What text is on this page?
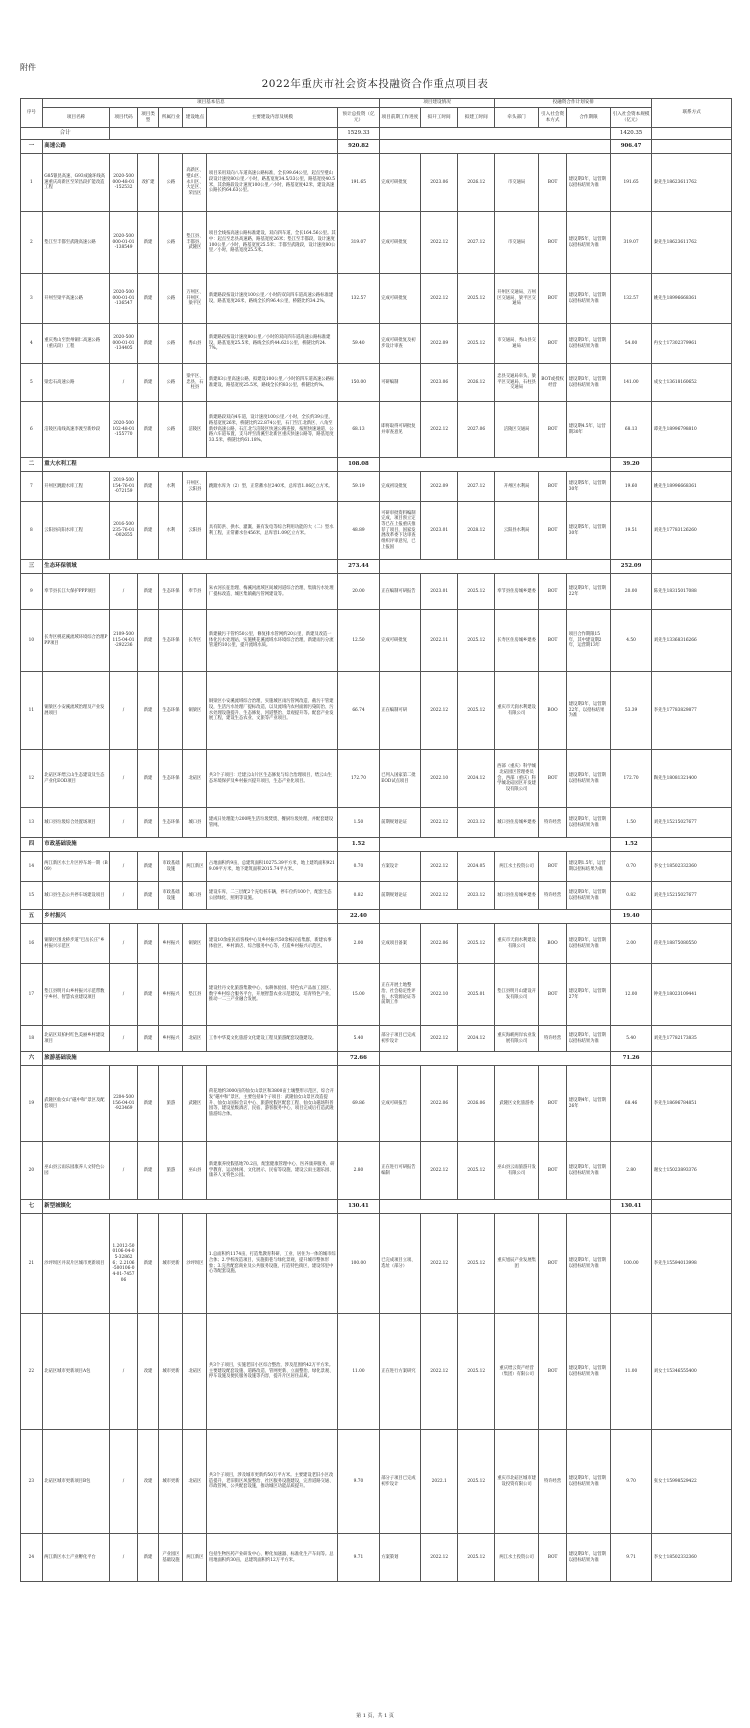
附件
2022年重庆市社会资本投融资合作重点项目表
序号	项目基本信息							项目建设情况			投融资合作计划安排				联系方式
	项目名称	项目代码	项目类型	所属行业	建设地点	主要建设内容及规模	预计总投资（亿元）	项目前期工作进度	拟开工时间	拟建工时间	牵头部门	引入社会资本方式	合作期限	引入社会资本规模（亿元）	
合计							1529.33							1420.35	
一	高速公路						920.82							906.47	
1	G85银昆高速、G93成渝环线高速重庆高新区至荣昌段扩能改造工程	2020-500000-48-01-152532	改扩建	公路	高新区、璧山区、永川区、大足区、荣昌区	项目采用双向八车道高速公路标准，全长99.64公里，起点至璧山段设计速度80公里／小时，路基宽度34.5/33公里，路基宽度40.5米，其余路段设计速度100公里／小时，路基宽度42米，建设高速公路长约64.63公里。	191.65	完成可研批复	2023.06	2026.12	市交通局	BOT	建设期3年，运营期以招标结果为准	191.65	秦先生18623611762
2	垫江至丰都至武隆高速公路	2020-500000-01-01-138549	新建	公路	垫江县、丰都县、武隆区	项目全线按高速公路标准建设，双向四车道，全长164.56公里。其中：起点至忠县高速路，路基宽度26米；垫江至丰都段，设计速度100公里／小时，路基宽度25.5米；丰都至武隆段，设计速度80公里／小时，路基宽度25.5米。	319.07	完成可研批复	2022.12	2027.12	市交通局	BOT	建设期5年，运营期以招标结果为准	319.07	秦先生18623611762
3	开州至梁平高速公路	2020-500000-01-01-136547	新建	公路	万州区、开州区、梁平区	新建路段按设计速度100公里／小时的双向四车道高速公路标准建设，路基宽度26米，路线全长约96.4公里，桥隧比约34.2%。	132.57	完成可研批复	2022.12	2025.12	开州区交通局、万州区交通局、梁平区交通局	BOT	建设期3年，运营期以招标结果为准	132.57	姚先生18996668361
4	重庆秀山至贵州铜仁高速公路（重庆段）工程	2020-500000-01-01-134405	新建	公路	秀山县	新建路段按设计速度80公里／小时的双向四车道高速公路标准建设，路基宽度25.5米，路线全长约44.621公里，桥隧比约24.7%。	59.40	完成可研批复及初步设计审查	2022.09	2025.12	市交通局、秀山县交通局	BOT	建设期3年，运营期以招标结果为准	54.00	冉女士17302379961
5	梁忠石高速公路	/	新建	公路	梁平区、忠县、石柱县	新建83公里高速公路，拟建设100公里／小时的四车道高速公路标准建设，路基宽度25.5米，路线全长约83公里，桥隧比约%。	150.00	可研编制	2023.06	2026.12	忠县交通局牵头，梁平区交通局、石柱县交通局	BOT或授权经营	建设期3年，运营期以招标结果为准	141.00	成女士13618160652
6	涪陵区南线高速李渡至新妙段	2020-500102-48-01-155770	新建	公路	涪陵区	新建路段双向4车道，设计速度100公里／小时，全长约39公里，路基宽度26米，桥隧比约22.874公里，石门至江北新区、八角至新妙高速公路，石江北与涪陵区快速公路连接，按照快速通道、公路六车道布置，支马坪至清溪至北新区重庆快速公路等，路基宽度33.5米，桥隧比约61.18%。	68.13	即将取得可研批复并审查意见	2022.12	2027.06	涪陵区交通局	BOT	建设期4.5年，运营期30年	68.13	谭先生18996798810
二	重大水利工程						108.08							39.20	
7	开州区跳蹬水库工程	2019-500154-76-01-072159	新建	水利	开州区、云阳县	跳蹬水库为（2）型，正常蓄水位240米，总库容1.06亿立方米。	59.19	完成初设批复	2022.09	2027.12	开州区水利局	BOT	建设期5年，运营期30年	19.60	姚先生18996668361
8	云阳县向阳水库工程	2016-500235-76-01-002655	新建	水利	云阳县	具有防洪、供水、灌溉、兼有发电等综合利用功能的大（二）型水利工程，正常蓄水位456米，总库容1.09亿立方米。	48.89	可研审批资料编制完成，项目预立定等已在上报重庆推荐了项目，国家发展改革委下达审查组织评审意见，已上报国	2023.01	2028.12	云阳县水利局	BOT	建设期5年，运营期30年	19.51	刘先生17783126260
三	生态环保领域						273.44							252.09	
9	奉节县长江大保护PPP项目	/	新建	生态环保	奉节县	朱衣河长征治理、梅溪河流域区间城河道综合治理、集镇污水处理厂提标改造、城区集镇截污管网建设等。	20.00	正在编制可研报告	2023.01	2025.12	奉节县住房城乡建委	BOT	建设期3年，运营期22年	20.00	陈先生18315017088
10	长寿区桃花溪流域环境综合治理PPP项目	2109-500115-04-01-292236	新建	生态环保	长寿区	新建截污干管约50公里，修复排水管网约20公里，新建及改造一体化污水处理站，实施桃花溪流域水环境综合治理，新建雨污分流管道约10公里，提升流域水质。	12.50	完成可研批复	2022.11	2025.12	长寿区住房城乡建委	BOT	项目合作期限15年，其中建设期2年，运营期13年	4.50	刘先生13368316266
11	铜梁区小安溪流域治理及产业发展项目	/	新建	生态环保	铜梁区	铜梁区小安溪流域综合治理，实施城区雨污管网改造、截污干管建设，生活污水处理厂提标改造，以及流域内农村面源污染防治、污水处理设施提升、生态修复、河道整治、景观提升等。配套产业发展工程，建设生态农业、文旅等产业项目。	66.74	正在编制可研	2022.12	2025.12	重庆市天润水利建设有限公司	BOO	建设期3年，运营期22年，以招标结果为准	53.39	李先生17783829877
12	北碚区环缙云山生态建设及生态产业化EOD项目	/	新建	生态环保	北碚区	共3个子项目：迁建云山片区生态修复与综合治理项目，缙云山生态环境保护及乡村振兴提升项目，生态产业化项目。	172.70	已列入国家第二批EOD试点项目	2022.10	2024.12	西部（重庆）科学城北碚园区管理委员会，西部（重庆）科学城北碚园区开发建设有限公司	BOT	建设期3年，运营期以招标结果为准	172.70	陶先生18081321400
13	城口县垃圾综合处置场项目	/	新建	生态环保	城口县	建成日处理能力200吨生活垃圾焚烧、餐厨垃圾处理，并配套建设管网。	1.50	前期规划论证	2022.12	2023.12	城口县住房城乡建委	特许经营	建设期3年，运营期以招标结果为准	1.50	刘先生15215027677
四	市政基础设施						1.52							1.52	
14	两江新区水土片区停车场一期（B09）	/	新建	市政基础设施	两江新区	占地面积约9亩，总建筑面积10275.39平方米，地上建筑面积9219.09平方米，地下建筑面积2015.74平方米。	0.70	方案设计	2022.12	2024.05	两江水土投资公司	BOT	建设期1.5年，运营期以招标结果为准	0.70	李女士18502332360
15	城口县生态公共停车场建设项目	/	新建	市政基础设施	城口县	建设车库，二三层配2个充电桩车辆，停车位约100个，配套生态公园绿化、照明等设施。	0.82	前期规划论证	2022.12	2023.12	城口县住房城乡建委	特许经营	建设期3年，运营期以招标结果为准	0.82	刘先生15215027677
五	乡村振兴						22.40							19.40	
16	铜梁区围龙桥步道“巴岳长庄”乡村振兴示范区	/	新建	乡村振兴	铜梁区	建设10余座民宿客栈中心及乡村振兴50余栋民宿集群，新建农事体验区、乡村酒店、综合服务中心等，打造乡村振兴示范区。	2.00	完成项目备案	2022.06	2025.12	重庆市天润水利建设有限公司	BOO	建设期3年，运营期以招标结果为准	2.00	蒋先生18875080550
17	垫江县明月山乡村振兴示范带数字乡村、智慧农业建设项目	/	新建	乡村振兴	垫江县	建设牡丹文化旅游集散中心、农耕体验园、特色农产品加工园区、数字乡村综合服务平台，开展智慧农业示范建设，培育特色产业，推动一二三产业融合发展。	15.00	正在开展土地整治、社会稳定性评估、水资源论证等前期工作	2022.10	2025.01	垫江县明月山建设开发有限公司	BOT	建设期3年，运营期27年	12.00	钟先生18023109441
18	北碚区双柏村红色美丽乡村建设项目	/	新建	乡村振兴	北碚区	工作中华夏文化旅游文化建设工程及旅游配套设施建设。	5.40	部分子项目已完成初步设计	2022.12	2024.12	重庆海峡两岸农业发展有限公司	特许经营	建设期3年，运营期以招标结果为准	5.40	刘先生17782173835
六	旅游基础设施						72.66							71.26	
19	武隆区仙女山“磁中和”景区及配套项目	2204-500156-04-01-923469	新建	旅游	武隆区	荷花地约3000亩的仙女山景区和3800亩土壤整形示范区，综合开发“磁中和”景区，主要包括8个子项目：武隆仙女山景区改造提升、仙女山国际会议中心、旅游度假区配套工程、仙女山磁场科普园等，建设星级酒店、民宿、游客服务中心，项目完成后打造武隆旅游综合体。	69.86	完成可研报告	2022.06	2026.06	武隆区文化旅游委	BOT	建设期4年，运营期26年	68.46	李先生18696784851
20	巫山县云雨乐园康养人文特色公园	/	新建	旅游	巫山县	新建康养度假基地70.2亩，配套健康管理中心、医养康养服务、研学教育、运动休闲、文化展示、民宿等设施，建设云雨主题乐园、康养人文特色公园。	2.80	正在进行可研报告编制	2022.12	2025.12	巫山县云雨旅游开发有限公司	BOT	建设期3年，运营期以招标结果为准	2.80	谢女士15023893376
七	新型城镇化						130.41							130.41	
21	沙坪坝区井双片区城市更新项目	1.2012-500106-04-05-328626；2.2106-500106-04-01-745706	新建	城市更新	沙坪坝区	1.总面积约1174亩，打造集教育科研、工业、居住为一体的城市综合体；2.学校改造项目，实施街巷与绿化景观，提升城市整体形象；3.完善配套商业及公共服务设施，打造特色街区，建设邻里中心等配套设施。	100.00	已完成项目立项、选址（部分）	2022.12	2025.12	重庆旭辰产业发展集团	BOT	建设期3年，运营期以招标结果为准	100.00	李先生15594013998
22	北碚区城市更新项目A包	/	改建	城市更新	北碚区	共3个子项目，实施老旧小区综合整治，涉及范围约42万平方米。主要建设配套设施、道路改造、管网更新、立面整治、绿化景观、停车设施及便民服务设施等内容，提升片区居住品质。	11.00	正在进行方案研究	2022.12	2025.12	重庆缙云资产经营（集团）有限公司	BOT	建设期3年，运营期以招标结果为准	11.00	刘女士15346555400
23	北碚区城市更新项目B包	/	改建	城市更新	北碚区	共3个子项目，涉及城市更新约50万平方米。主要建设老旧小区改造提升、老旧街区风貌整治、社区服务设施建设，完善道路交通、市政管网、公共配套设施，推动城区功能品质提升。	9.70	部分子项目已完成初步设计	2022.1	2025.12	重庆市北碚区城市建设投资有限公司	特许经营	建设期3年，运营期以招标结果为准	9.70	张女士15998529422
24	两江新区水土产业孵化平台	/	新建	产业园区基础设施	两江新区	包括生物医药产业研发中心、孵化加速器、标准化生产车间等。总用地面积约30亩，总建筑面积约12万平方米。	9.71	方案策划	2022.12	2025.12	两江水土投资公司	BOT	建设期3年，运营期以招标结果为准	9.71	李女士18502332360
第 1 页，共 1 页
